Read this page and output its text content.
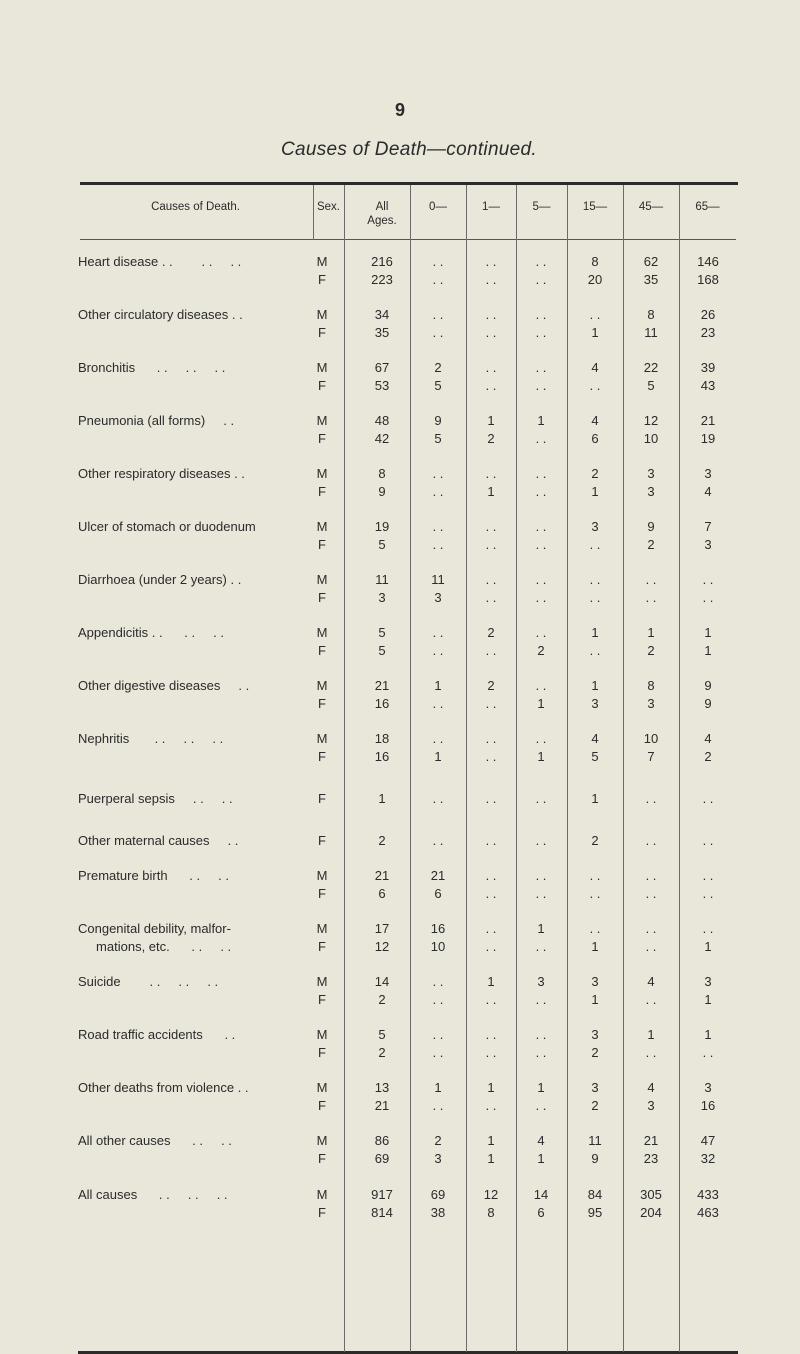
9
Causes of Death—continued.
Causes of Death.	Sex.	All Ages.
0—	1—	5—	15—	45—	65—
Heart disease . .        . .     . .	M	216	. .	. .	. .	8	62	146
F	223	. .	. .	. .	20	35	168
Other circulatory diseases . .	M	34	. .	. .	. .	. .	8	26
F	35	. .	. .	. .	1	11	23
Bronchitis      . .     . .     . .	M	67	2	. .	. .	4	22	39
F	53	5	. .	. .	. .	5	43
Pneumonia (all forms)     . .	M	48	9	1	1	4	12	21
F	42	5	2	. .	6	10	19
Other respiratory diseases . .	M	8	. .	. .	. .	2	3	3
F	9	. .	1	. .	1	3	4
Ulcer of stomach or duodenum	M	19	. .	. .	. .	3	9	7
F	5	. .	. .	. .	. .	2	3
Diarrhoea (under 2 years) . .	M	11	11	. .	. .	. .	. .	. .
F	3	3	. .	. .	. .	. .	. .
Appendicitis . .      . .     . .	M	5	. .	2	. .	1	1	1
F	5	. .	. .	2	. .	2	1
Other digestive diseases     . .	M	21	1	2	. .	1	8	9
F	16	. .	. .	1	3	3	9
Nephritis       . .     . .     . .	M	18	. .	. .	. .	4	10	4
F	16	1	. .	1	5	7	2
Puerperal sepsis     . .     . .	F	1	. .	. .	. .	1	. .	. .
Other maternal causes     . .	F	2	. .	. .	. .	2	. .	. .
Premature birth      . .     . .	M	21	21	. .	. .	. .	. .	. .
F	6	6	. .	. .	. .	. .	. .
Congenital debility, malfor-	M	17	16	. .	1	. .	. .	. .
mations, etc.      . .     . .	F	12	10	. .	. .	1	. .	1
Suicide        . .     . .     . .	M	14	. .	1	3	3	4	3
F	2	. .	. .	. .	1	. .	1
Road traffic accidents      . .	M	5	. .	. .	. .	3	1	1
F	2	. .	. .	. .	2	. .	. .
Other deaths from violence . .	M	13	1	1	1	3	4	3
F	21	. .	. .	. .	2	3	16
All other causes      . .     . .	M	86	2	1	4	11	21	47
F	69	3	1	1	9	23	32
All causes      . .     . .     . .	M	917	69	12	14	84	305	433
F	814	38	8	6	95	204	463
